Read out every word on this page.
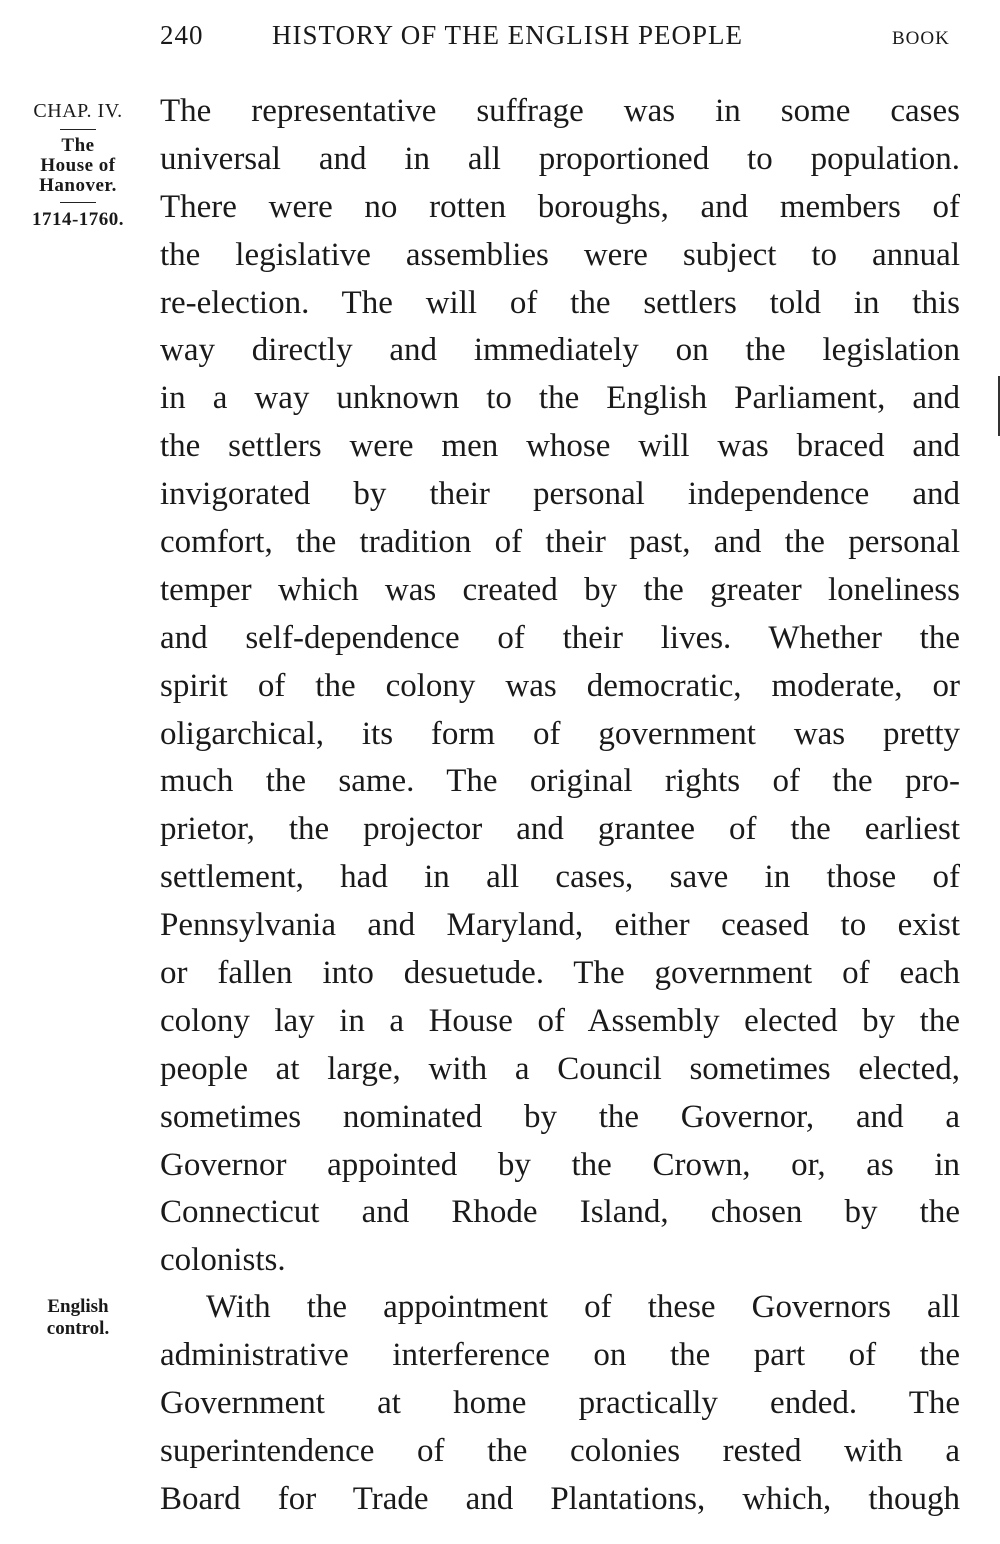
240	HISTORY OF THE ENGLISH PEOPLE	BOOK
CHAP. IV.
The
House of
Hanover.
1714-1760.
English
control.
The representative suffrage was in some cases
universal and in all proportioned to population.
There were no rotten boroughs, and members of
the legislative assemblies were subject to annual
re-election. The will of the settlers told in this
way directly and immediately on the legislation
in a way unknown to the English Parliament, and
the settlers were men whose will was braced and
invigorated by their personal independence and
comfort, the tradition of their past, and the personal
temper which was created by the greater loneliness
and self-dependence of their lives. Whether the
spirit of the colony was democratic, moderate, or
oligarchical, its form of government was pretty
much the same. The original rights of the pro-
prietor, the projector and grantee of the earliest
settlement, had in all cases, save in those of
Pennsylvania and Maryland, either ceased to exist
or fallen into desuetude. The government of each
colony lay in a House of Assembly elected by the
people at large, with a Council sometimes elected,
sometimes nominated by the Governor, and a
Governor appointed by the Crown, or, as in
Connecticut and Rhode Island, chosen by the
colonists.
With the appointment of these Governors all
administrative interference on the part of the
Government at home practically ended. The
superintendence of the colonies rested with a
Board for Trade and Plantations, which, though
